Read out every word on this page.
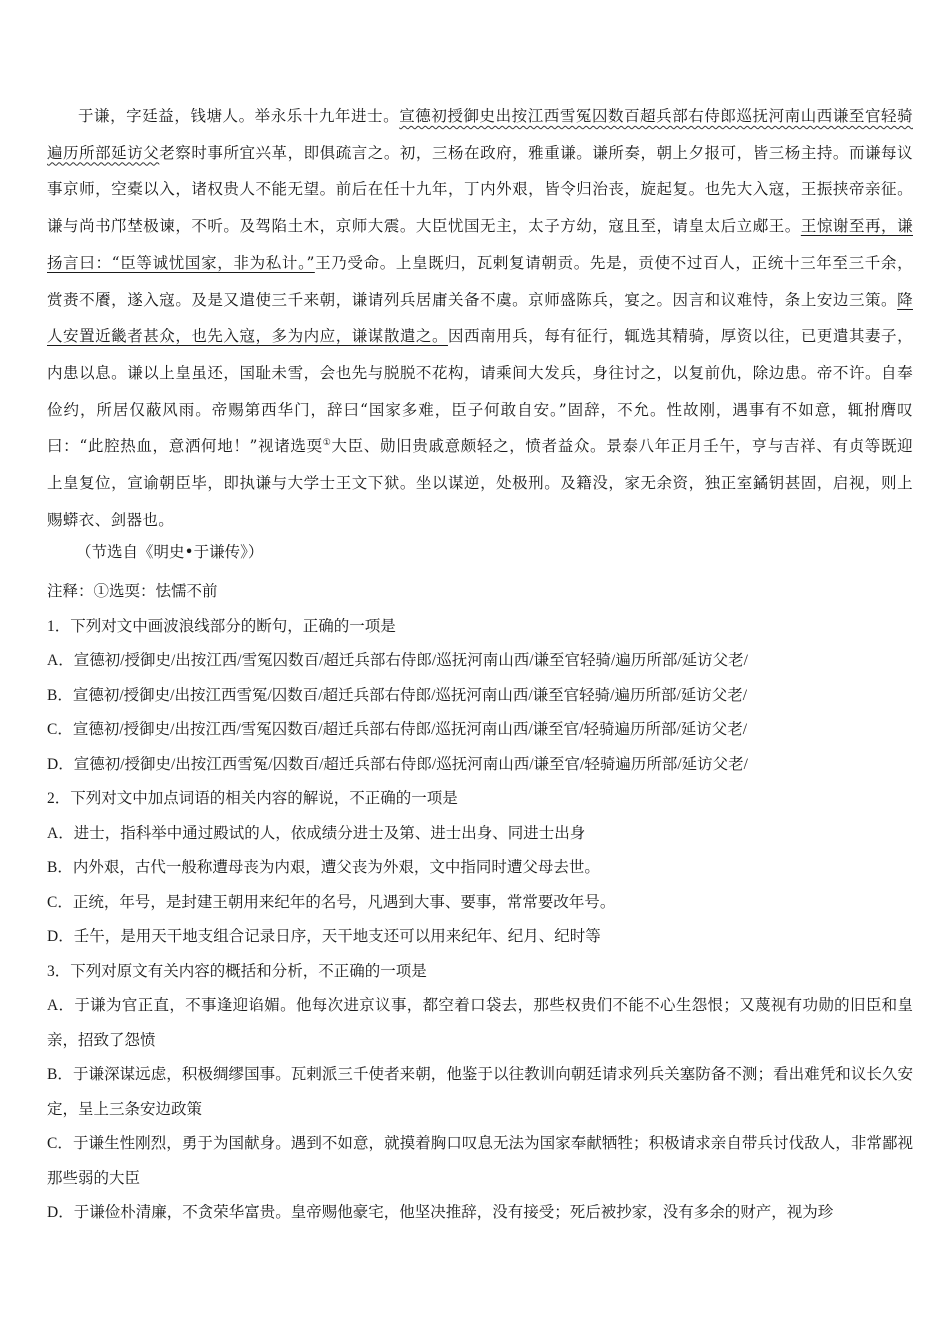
于谦，字廷益，钱塘人。举永乐十九年进士。宣德初授御史出按江西雪冤囚数百超兵部右侍郎巡抚河南山西谦至官轻骑遍历所部延访父老察时事所宜兴革，即俱疏言之。初，三杨在政府，雅重谦。谦所奏，朝上夕报可，皆三杨主持。而谦每议事京师，空橐以入，诸权贵人不能无望。前后在任十九年，丁内外艰，皆令归治丧，旋起复。也先大入寇，王振挟帝亲征。谦与尚书邝埜极谏，不听。及驾陷土木，京师大震。大臣忧国无主，太子方幼，寇且至，请皇太后立郕王。王惊谢至再，谦扬言曰：“臣等诚忧国家，非为私计。”王乃受命。上皇既归，瓦剌复请朝贡。先是，贡使不过百人，正统十三年至三千余，赏赉不餍，遂入寇。及是又遣使三千来朝，谦请列兵居庸关备不虞。京师盛陈兵，宴之。因言和议难恃，条上安边三策。降人安置近畿者甚众，也先入寇，多为内应，谦谋散遣之。因西南用兵，每有征行，辄选其精骑，厚资以往，已更遣其妻子，内患以息。谦以上皇虽还，国耻未雪，会也先与脱脱不花构，请乘间大发兵，身往讨之，以复前仇，除边患。帝不许。自奉俭约，所居仅蔽风雨。帝赐第西华门，辞曰“国家多难，臣子何敢自安。”固辞，不允。性故刚，遇事有不如意，辄拊膺叹曰：“此腔热血，意洒何地！”视诸选耎①大臣、勋旧贵戚意颇轻之，愤者益众。景泰八年正月壬午，亨与吉祥、有贞等既迎上皇复位，宣谕朝臣毕，即执谦与大学士王文下狱。坐以谋逆，处极刑。及籍没，家无余资，独正室鐍钥甚固，启视，则上赐蟒衣、剑器也。

（节选自《明史•于谦传》）
注释：①选耎：怯懦不前
1．下列对文中画波浪线部分的断句，正确的一项是
A．宣德初/授御史/出按江西/雪冤囚数百/超迁兵部右侍郎/巡抚河南山西/谦至官轻骑/遍历所部/延访父老/
B．宣德初/授御史/出按江西雪冤/囚数百/超迁兵部右侍郎/巡抚河南山西/谦至官轻骑/遍历所部/延访父老/
C．宣德初/授御史/出按江西/雪冤囚数百/超迁兵部右侍郎/巡抚河南山西/谦至官/轻骑遍历所部/延访父老/
D．宣德初/授御史/出按江西雪冤/囚数百/超迁兵部右侍郎/巡抚河南山西/谦至官/轻骑遍历所部/延访父老/
2．下列对文中加点词语的相关内容的解说，不正确的一项是
A．进士，指科举中通过殿试的人，依成绩分进士及第、进士出身、同进士出身
B．内外艰，古代一般称遭母丧为内艰，遭父丧为外艰，文中指同时遭父母去世。
C．正统，年号，是封建王朝用来纪年的名号，凡遇到大事、要事，常常要改年号。
D．壬午，是用天干地支组合记录日序，天干地支还可以用来纪年、纪月、纪时等
3．下列对原文有关内容的概括和分析，不正确的一项是
A．于谦为官正直，不事逢迎谄媚。他每次进京议事，都空着口袋去，那些权贵们不能不心生怨恨；又蔑视有功勋的旧臣和皇亲，招致了怨愤
B．于谦深谋远虑，积极绸缪国事。瓦剌派三千使者来朝，他鉴于以往教训向朝廷请求列兵关塞防备不测；看出难凭和议长久安定，呈上三条安边政策
C．于谦生性刚烈，勇于为国献身。遇到不如意，就摸着胸口叹息无法为国家奉献牺牲；积极请求亲自带兵讨伐敌人，非常鄙视那些弱的大臣
D．于谦俭朴清廉，不贪荣华富贵。皇帝赐他豪宅，他坚决推辞，没有接受；死后被抄家，没有多余的财产，视为珍
